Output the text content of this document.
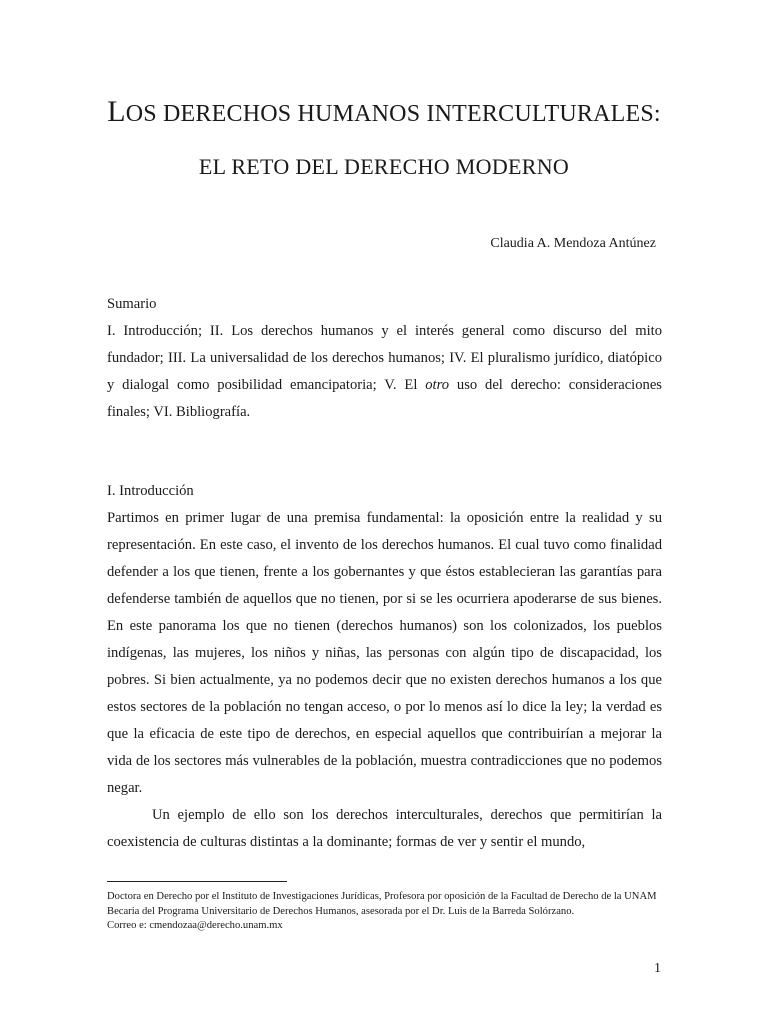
LOS DERECHOS HUMANOS INTERCULTURALES:
EL RETO DEL DERECHO MODERNO
Claudia A. Mendoza Antúnez

Sumario

I. Introducción; II. Los derechos humanos y el interés general como discurso del mito fundador; III. La universalidad de los derechos humanos; IV. El pluralismo jurídico, diatópico y dialogal como posibilidad emancipatoria; V. El otro uso del derecho: consideraciones finales; VI. Bibliografía.

I. Introducción

Partimos en primer lugar de una premisa fundamental: la oposición entre la realidad y su representación. En este caso, el invento de los derechos humanos. El cual tuvo como finalidad defender a los que tienen, frente a los gobernantes y que éstos establecieran las garantías para defenderse también de aquellos que no tienen, por si se les ocurriera apoderarse de sus bienes. En este panorama los que no tienen (derechos humanos) son los colonizados, los pueblos indígenas, las mujeres, los niños y niñas, las personas con algún tipo de discapacidad, los pobres. Si bien actualmente, ya no podemos decir que no existen derechos humanos a los que estos sectores de la población no tengan acceso, o por lo menos así lo dice la ley; la verdad es que la eficacia de este tipo de derechos, en especial aquellos que contribuirían a mejorar la vida de los sectores más vulnerables de la población, muestra contradicciones que no podemos negar.

Un ejemplo de ello son los derechos interculturales, derechos que permitirían la coexistencia de culturas distintas a la dominante; formas de ver y sentir el mundo,

Doctora en Derecho por el Instituto de Investigaciones Jurídicas, Profesora por oposición de la Facultad de Derecho de la UNAM Becaria del Programa Universitario de Derechos Humanos, asesorada por el Dr. Luis de la Barreda Solórzano.

Correo e: cmendozaa@derecho.unam.mx

1
